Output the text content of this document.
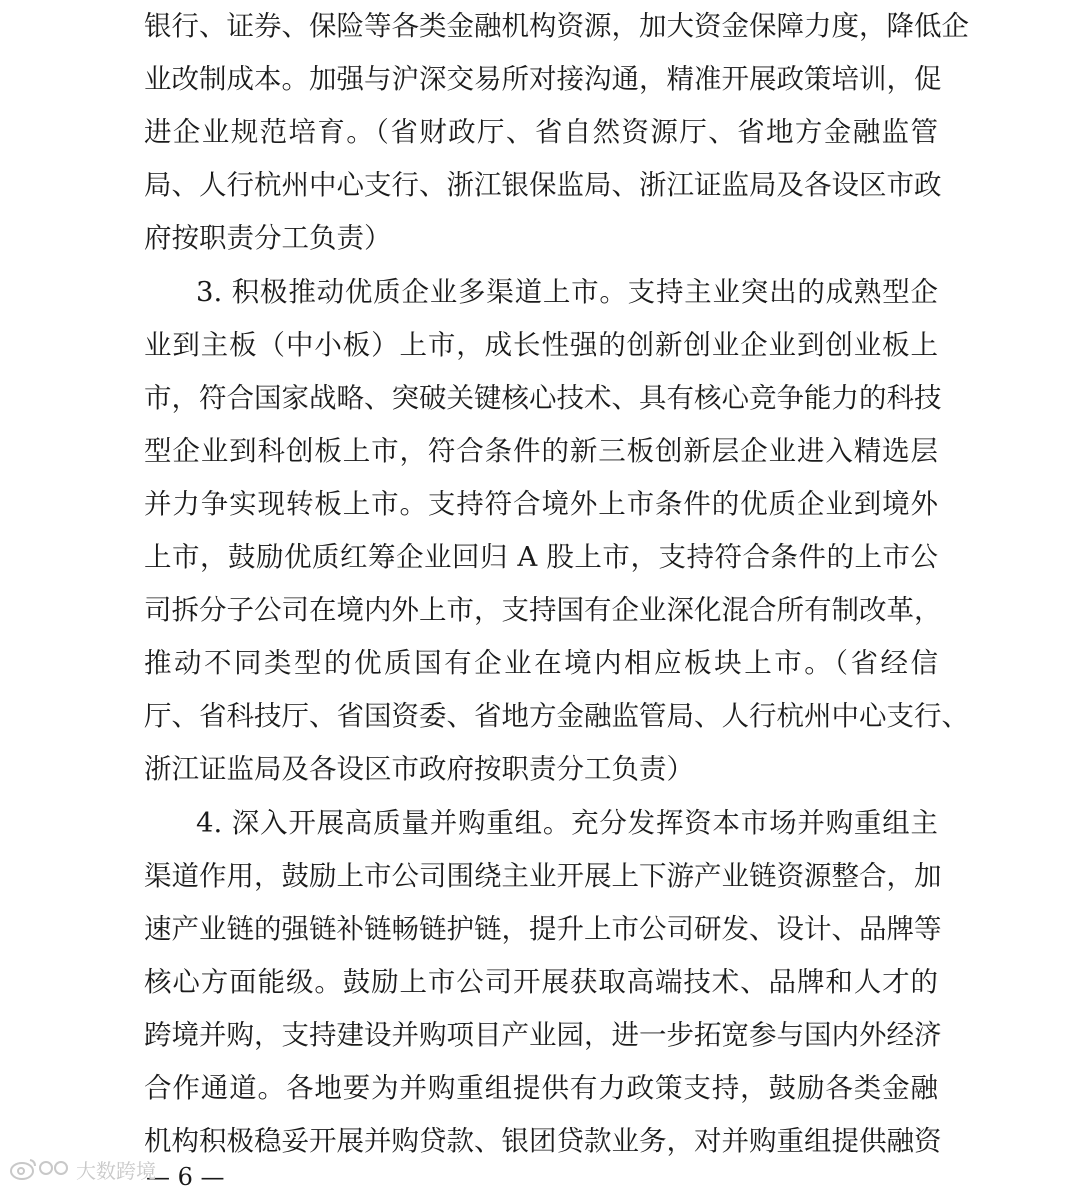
银行、证券、保险等各类金融机构资源，加大资金保障力度，降低企
业改制成本。加强与沪深交易所对接沟通，精准开展政策培训，促
进企业规范培育。（省财政厅、省自然资源厅、省地方金融监管
局、人行杭州中心支行、浙江银保监局、浙江证监局及各设区市政
府按职责分工负责）
3. 积极推动优质企业多渠道上市。支持主业突出的成熟型企
业到主板（中小板）上市，成长性强的创新创业企业到创业板上
市，符合国家战略、突破关键核心技术、具有核心竞争能力的科技
型企业到科创板上市，符合条件的新三板创新层企业进入精选层
并力争实现转板上市。支持符合境外上市条件的优质企业到境外
上市，鼓励优质红筹企业回归 A 股上市，支持符合条件的上市公
司拆分子公司在境内外上市，支持国有企业深化混合所有制改革，
推动不同类型的优质国有企业在境内相应板块上市。（省经信
厅、省科技厅、省国资委、省地方金融监管局、人行杭州中心支行、
浙江证监局及各设区市政府按职责分工负责）
4. 深入开展高质量并购重组。充分发挥资本市场并购重组主
渠道作用，鼓励上市公司围绕主业开展上下游产业链资源整合，加
速产业链的强链补链畅链护链，提升上市公司研发、设计、品牌等
核心方面能级。鼓励上市公司开展获取高端技术、品牌和人才的
跨境并购，支持建设并购项目产业园，进一步拓宽参与国内外经济
合作通道。各地要为并购重组提供有力政策支持，鼓励各类金融
机构积极稳妥开展并购贷款、银团贷款业务，对并购重组提供融资
— 6 —
大数跨境
